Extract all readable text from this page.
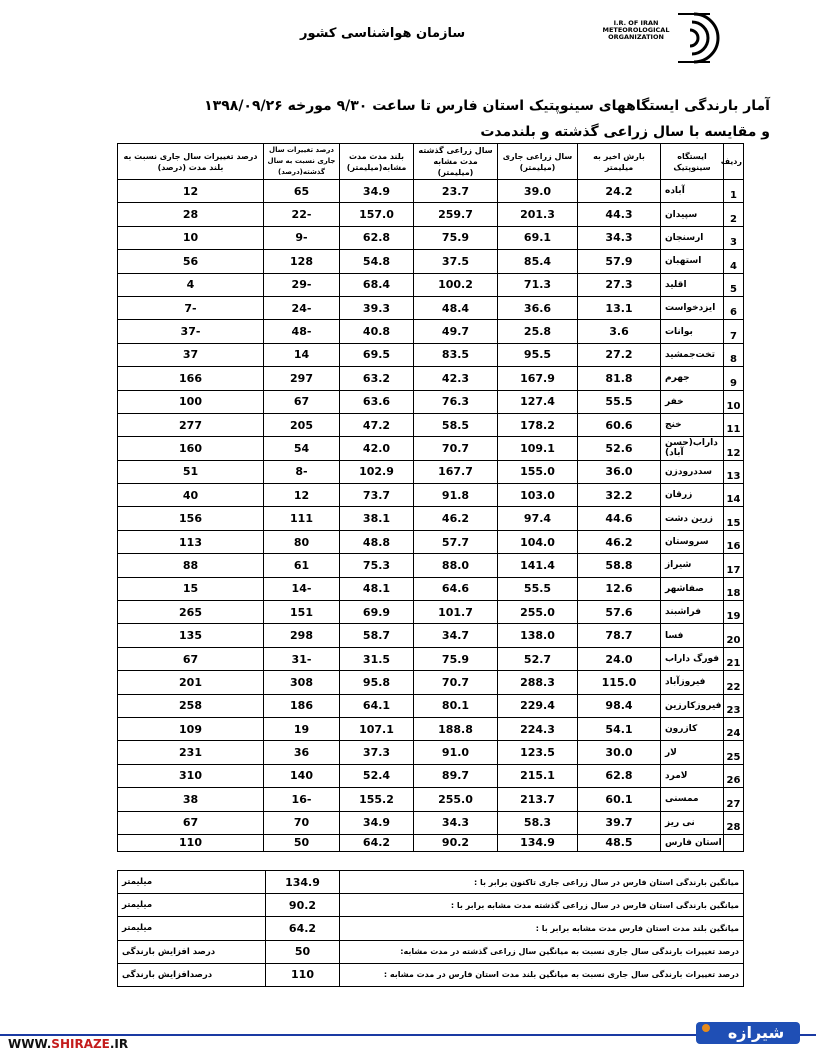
سازمان هواشناسی کشور
I.R. OF IRAN
METEOROLOGICAL
ORGANIZATION
آمار بارندگی ایستگاههای سینوپتیک استان فارس تا ساعت ۹/۳۰ مورخه ۱۳۹۸/۰۹/۲۶
و مقایسه با سال زراعی گذشته و بلندمدت
ردیف	ایستگاه سینوپتیک	بارش اخیر به میلیمتر	سال زراعی جاری (میلیمتر)	سال زراعی گذشته مدت مشابه (میلیمتر)	بلند مدت مدت مشابه(میلیمتر)	درصد تغییرات سال جاری نسبت به سال گذشته(درصد)	درصد تغییرات سال جاری نسبت به بلند مدت (درصد)
1	آباده	24.2	39.0	23.7	34.9	65	12
2	سپیدان	44.3	201.3	259.7	157.0	-22	28
3	ارسنجان	34.3	69.1	75.9	62.8	-9	10
4	استهبان	57.9	85.4	37.5	54.8	128	56
5	اقلید	27.3	71.3	100.2	68.4	-29	4
6	ایزدخواست	13.1	36.6	48.4	39.3	-24	-7
7	بوانات	3.6	25.8	49.7	40.8	-48	-37
8	تخت‌جمشید	27.2	95.5	83.5	69.5	14	37
9	جهرم	81.8	167.9	42.3	63.2	297	166
10	خفر	55.5	127.4	76.3	63.6	67	100
11	خنج	60.6	178.2	58.5	47.2	205	277
12	داراب(حسن آباد)	52.6	109.1	70.7	42.0	54	160
13	سددرودزن	36.0	155.0	167.7	102.9	-8	51
14	زرقان	32.2	103.0	91.8	73.7	12	40
15	زرین دشت	44.6	97.4	46.2	38.1	111	156
16	سروستان	46.2	104.0	57.7	48.8	80	113
17	شیراز	58.8	141.4	88.0	75.3	61	88
18	صفاشهر	12.6	55.5	64.6	48.1	-14	15
19	فراشبند	57.6	255.0	101.7	69.9	151	265
20	فسا	78.7	138.0	34.7	58.7	298	135
21	فورگ داراب	24.0	52.7	75.9	31.5	-31	67
22	فیروزآباد	115.0	288.3	70.7	95.8	308	201
23	فیروزکارزین	98.4	229.4	80.1	64.1	186	258
24	کازرون	54.1	224.3	188.8	107.1	19	109
25	لار	30.0	123.5	91.0	37.3	36	231
26	لامرد	62.8	215.1	89.7	52.4	140	310
27	ممسنی	60.1	213.7	255.0	155.2	-16	38
28	نی ریز	39.7	58.3	34.3	34.9	70	67
	استان فارس	48.5	134.9	90.2	64.2	50	110
میانگین بارندگی استان فارس در سال زراعی جاری تاکنون برابر با :	134.9	میلیمتر
میانگین بارندگی استان فارس در سال زراعی گذشته مدت مشابه برابر با :	90.2	میلیمتر
میانگین بلند مدت استان فارس مدت مشابه برابر با :	64.2	میلیمتر
درصد تغییرات بارندگی سال جاری نسبت به میانگین سال زراعی گذشته در مدت مشابه:	50	درصد افزایش بارندگی
درصد تغییرات بارندگی سال جاری نسبت به میانگین بلند مدت استان فارس در مدت مشابه :	110	درصدافزایش بارندگی
WWW.SHIRAZE.IR
شیرازه
